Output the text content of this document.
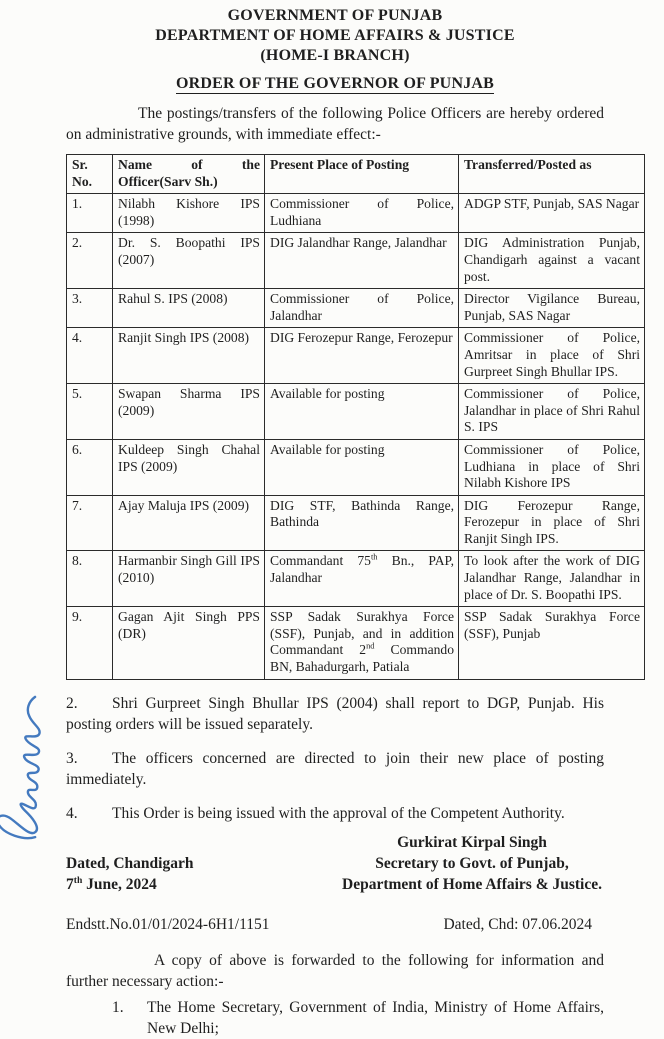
GOVERNMENT OF PUNJAB
DEPARTMENT OF HOME AFFAIRS & JUSTICE
(HOME-I BRANCH)
ORDER OF THE GOVERNOR OF PUNJAB

The postings/transfers of the following Police Officers are hereby ordered on administrative grounds, with immediate effect:-

Sr. No.	Name of the Officer(Sarv Sh.)	Present Place of Posting	Transferred/Posted as
1.	Nilabh Kishore IPS (1998)	Commissioner of Police, Ludhiana	ADGP STF, Punjab, SAS Nagar
2.	Dr. S. Boopathi IPS (2007)	DIG Jalandhar Range, Jalandhar	DIG Administration Punjab, Chandigarh against a vacant post.
3.	Rahul S. IPS (2008)	Commissioner of Police, Jalandhar	Director Vigilance Bureau, Punjab, SAS Nagar
4.	Ranjit Singh IPS (2008)	DIG Ferozepur Range, Ferozepur	Commissioner of Police, Amritsar in place of Shri Gurpreet Singh Bhullar IPS.
5.	Swapan Sharma IPS (2009)	Available for posting	Commissioner of Police, Jalandhar in place of Shri Rahul S. IPS
6.	Kuldeep Singh Chahal IPS (2009)	Available for posting	Commissioner of Police, Ludhiana in place of Shri Nilabh Kishore IPS
7.	Ajay Maluja IPS (2009)	DIG STF, Bathinda Range, Bathinda	DIG Ferozepur Range, Ferozepur in place of Shri Ranjit Singh IPS.
8.	Harmanbir Singh Gill IPS (2010)	Commandant 75th Bn., PAP, Jalandhar	To look after the work of DIG Jalandhar Range, Jalandhar in place of Dr. S. Boopathi IPS.
9.	Gagan Ajit Singh PPS (DR)	SSP Sadak Surakhya Force (SSF), Punjab, and in addition Commandant 2nd Commando BN, Bahadurgarh, Patiala	SSP Sadak Surakhya Force (SSF), Punjab

2. Shri Gurpreet Singh Bhullar IPS (2004) shall report to DGP, Punjab. His posting orders will be issued separately.

3. The officers concerned are directed to join their new place of posting immediately.

4. This Order is being issued with the approval of the Competent Authority.

Dated, Chandigarh
7th June, 2024
Gurkirat Kirpal Singh
Secretary to Govt. of Punjab,
Department of Home Affairs & Justice.
Endstt.No.01/01/2024-6H1/1151	Dated, Chd: 07.06.2024

A copy of above is forwarded to the following for information and further necessary action:-

1.	The Home Secretary, Government of India, Ministry of Home Affairs, New Delhi;
